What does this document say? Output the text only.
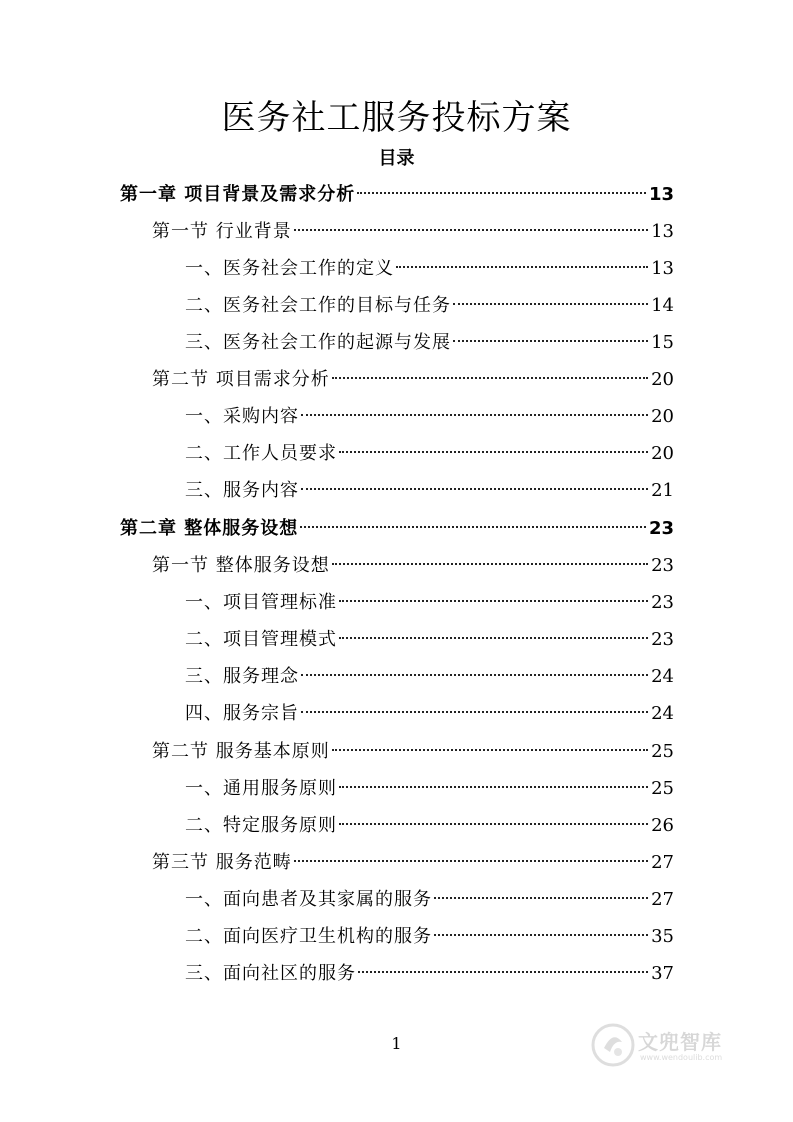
医务社工服务投标方案
目录
第一章 项目背景及需求分析	13
第一节 行业背景	13
一、医务社会工作的定义	13
二、医务社会工作的目标与任务	14
三、医务社会工作的起源与发展	15
第二节 项目需求分析	20
一、采购内容	20
二、工作人员要求	20
三、服务内容	21
第二章 整体服务设想	23
第一节 整体服务设想	23
一、项目管理标准	23
二、项目管理模式	23
三、服务理念	24
四、服务宗旨	24
第二节 服务基本原则	25
一、通用服务原则	25
二、特定服务原则	26
第三节 服务范畴	27
一、面向患者及其家属的服务	27
二、面向医疗卫生机构的服务	35
三、面向社区的服务	37
1	文兜智库
www.wendoulib.com
